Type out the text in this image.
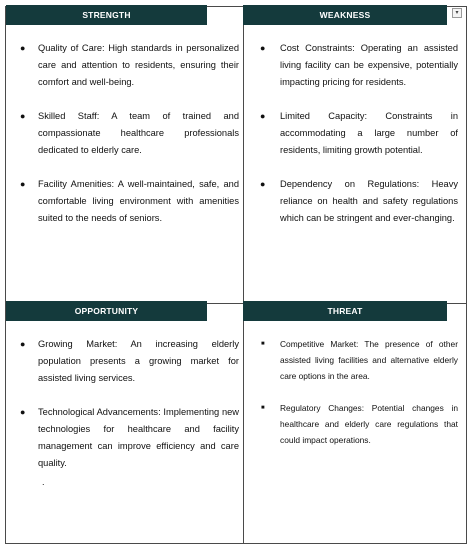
▾
STRENGTH
● Quality of Care: High standards in personalized care and attention to residents, ensuring their comfort and well-being.
● Skilled Staff: A team of trained and compassionate healthcare professionals dedicated to elderly care.
● Facility Amenities: A well-maintained, safe, and comfortable living environment with amenities suited to the needs of seniors.
WEAKNESS
● Cost Constraints: Operating an assisted living facility can be expensive, potentially impacting pricing for residents.
● Limited Capacity: Constraints in accommodating a large number of residents, limiting growth potential.
● Dependency on Regulations: Heavy reliance on health and safety regulations which can be stringent and ever-changing.
OPPORTUNITY
● Growing Market: An increasing elderly population presents a growing market for assisted living services.
● Technological Advancements: Implementing new technologies for healthcare and facility management can improve efficiency and care quality.
.
THREAT
■ Competitive Market: The presence of other assisted living facilities and alternative elderly care options in the area.
■ Regulatory Changes: Potential changes in healthcare and elderly care regulations that could impact operations.
